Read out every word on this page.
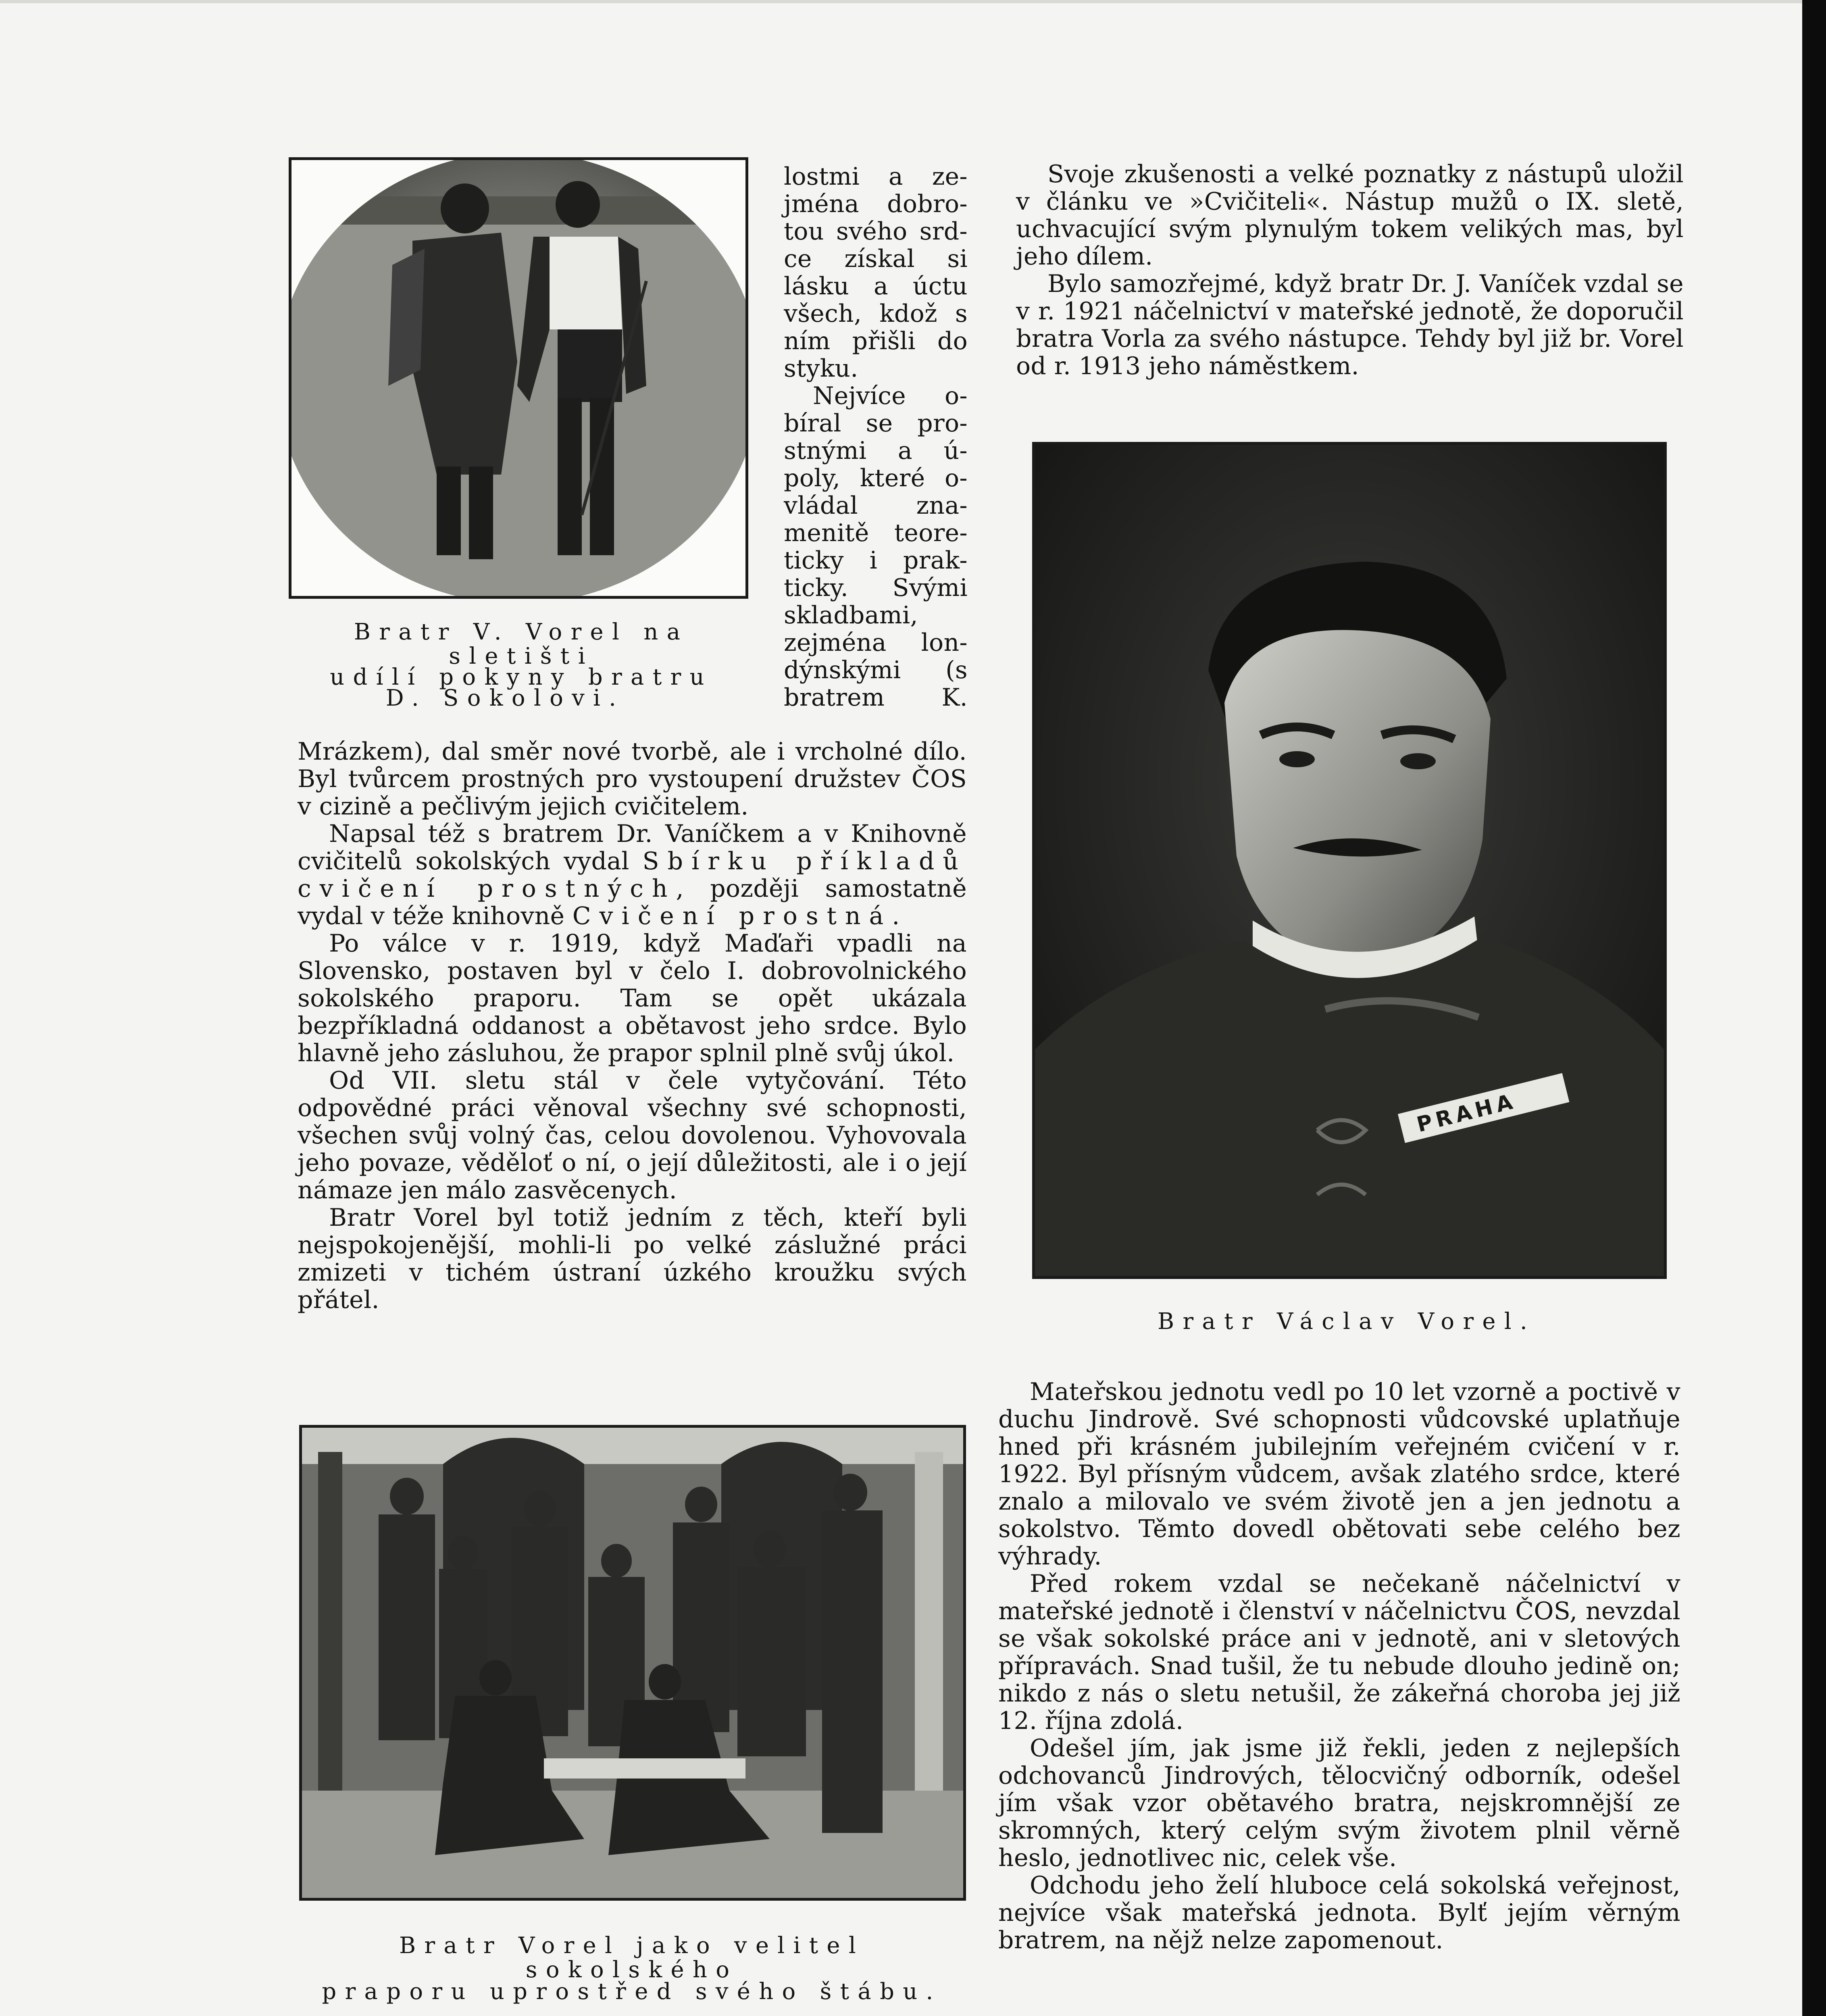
Bratr V. Vorel na sletišti
udílí pokyny bratru
D. Sokolovi.
lostmi a ze-
jména dobro-
tou svého srd-
ce získal si
lásku a úctu
všech, kdož s
ním přišli do
styku.
Nejvíce o-
bíral se pro-
stnými a ú-
poly, které o-
vládal zna-
menitě teore-
ticky i prak-
ticky. Svými
skladbami,
zejména lon-
dýnskými (s
bratrem K.

Mrázkem), dal směr nové tvorbě, ale i vrcholné dílo. Byl tvůrcem prostných pro vystoupení družstev ČOS v cizině a pečlivým jejich cvičitelem.

Napsal též s bratrem Dr. Vaníčkem a v Knihovně cvičitelů sokolských vydal Sbírku příkladů cvičení prostných, později samostatně vydal v téže knihovně Cvičení prostná.

Po válce v r. 1919, když Maďaři vpadli na Slovensko, postaven byl v čelo I. dobrovolnického sokolského praporu. Tam se opět ukázala bezpříkladná oddanost a obětavost jeho srdce. Bylo hlavně jeho zásluhou, že prapor splnil plně svůj úkol.

Od VII. sletu stál v čele vytyčování. Této odpovědné práci věnoval všechny své schopnosti, všechen svůj volný čas, celou dovolenou. Vyhovovala jeho povaze, věděloť o ní, o její důležitosti, ale i o její námaze jen málo zasvěcenych.

Bratr Vorel byl totiž jedním z těch, kteří byli nejspokojenější, mohli-li po velké záslužné práci zmizeti v tichém ústraní úzkého kroužku svých přátel.

Bratr Vorel jako velitel sokolského
praporu uprostřed svého štábu.

Svoje zkušenosti a velké poznatky z nástupů uložil v článku ve »Cvičiteli«. Nástup mužů o IX. sletě, uchvacující svým plynulým tokem velikých mas, byl jeho dílem.

Bylo samozřejmé, když bratr Dr. J. Vaníček vzdal se v r. 1921 náčelnictví v mateřské jednotě, že doporučil bratra Vorla za svého nástupce. Tehdy byl již br. Vorel od r. 1913 jeho náměstkem.

PRAHA
Bratr Václav Vorel.

Mateřskou jednotu vedl po 10 let vzorně a poctivě v duchu Jindrově. Své schopnosti vůdcovské uplatňuje hned při krásném jubilejním veřejném cvičení v r. 1922. Byl přísným vůdcem, avšak zlatého srdce, které znalo a milovalo ve svém životě jen a jen jednotu a sokolstvo. Těmto dovedl obětovati sebe celého bez výhrady.

Před rokem vzdal se nečekaně náčelnictví v mateřské jednotě i členství v náčelnictvu ČOS, nevzdal se však sokolské práce ani v jednotě, ani v sletových přípravách. Snad tušil, že tu nebude dlouho jedině on; nikdo z nás o sletu netušil, že zákeřná choroba jej již 12. října zdolá.

Odešel jím, jak jsme již řekli, jeden z nejlepších odchovanců Jindrových, tělocvičný odborník, odešel jím však vzor obětavého bratra, nejskromnější ze skromných, který celým svým životem plnil věrně heslo, jednotlivec nic, celek vše.

Odchodu jeho želí hluboce celá sokolská veřejnost, nejvíce však mateřská jednota. Bylť jejím věrným bratrem, na nějž nelze zapomenout.
